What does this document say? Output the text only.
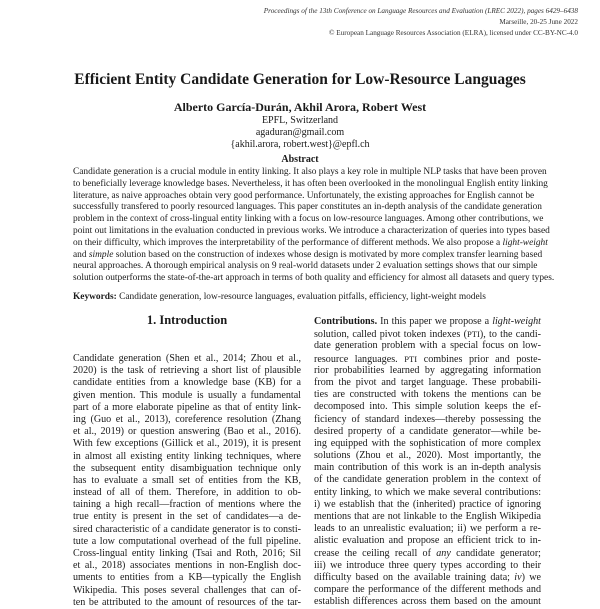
Proceedings of the 13th Conference on Language Resources and Evaluation (LREC 2022), pages 6429–6438
Marseille, 20-25 June 2022
© European Language Resources Association (ELRA), licensed under CC-BY-NC-4.0
Efficient Entity Candidate Generation for Low-Resource Languages
Alberto García-Durán, Akhil Arora, Robert West
EPFL, Switzerland
agaduran@gmail.com
{akhil.arora, robert.west}@epfl.ch
Abstract
Candidate generation is a crucial module in entity linking. It also plays a key role in multiple NLP tasks that have been proven
to beneficially leverage knowledge bases. Nevertheless, it has often been overlooked in the monolingual English entity linking
literature, as naive approaches obtain very good performance. Unfortunately, the existing approaches for English cannot be
successfully transfered to poorly resourced languages. This paper constitutes an in-depth analysis of the candidate generation
problem in the context of cross-lingual entity linking with a focus on low-resource languages. Among other contributions, we
point out limitations in the evaluation conducted in previous works. We introduce a characterization of queries into types based
on their difficulty, which improves the interpretability of the performance of different methods. We also propose a light-weight
and simple solution based on the construction of indexes whose design is motivated by more complex transfer learning based
neural approaches. A thorough empirical analysis on 9 real-world datasets under 2 evaluation settings shows that our simple
solution outperforms the state-of-the-art approach in terms of both quality and efficiency for almost all datasets and query types.
Keywords: Candidate generation, low-resource languages, evaluation pitfalls, efficiency, light-weight models
1. Introduction
Candidate generation (Shen et al., 2014; Zhou et al.,
2020) is the task of retrieving a short list of plausible
candidate entities from a knowledge base (KB) for a
given mention. This module is usually a fundamental
part of a more elaborate pipeline as that of entity link-
ing (Guo et al., 2013), coreference resolution (Zhang
et al., 2019) or question answering (Bao et al., 2016).
With few exceptions (Gillick et al., 2019), it is present
in almost all existing entity linking techniques, where
the subsequent entity disambiguation technique only
has to evaluate a small set of entities from the KB,
instead of all of them. Therefore, in addition to ob-
taining a high recall—fraction of mentions where the
true entity is present in the set of candidates—a de-
sired characteristic of a candidate generator is to consti-
tute a low computational overhead of the full pipeline.
Cross-lingual entity linking (Tsai and Roth, 2016; Sil
et al., 2018) associates mentions in non-English doc-
uments to entities from a KB—typically the English
Wikipedia. This poses several challenges that can of-
ten be attributed to the amount of resources of the tar-
Contributions. In this paper we propose a light-weight
solution, called pivot token indexes (PTI), to the candi-
date generation problem with a special focus on low-
resource languages. PTI combines prior and poste-
rior probabilities learned by aggregating information
from the pivot and target language. These probabili-
ties are constructed with tokens the mentions can be
decomposed into. This simple solution keeps the ef-
ficiency of standard indexes—thereby possessing the
desired property of a candidate generator—while be-
ing equipped with the sophistication of more complex
solutions (Zhou et al., 2020). Most importantly, the
main contribution of this work is an in-depth analysis
of the candidate generation problem in the context of
entity linking, to which we make several contributions:
i) we establish that the (inherited) practice of ignoring
mentions that are not linkable to the English Wikipedia
leads to an unrealistic evaluation; ii) we perform a re-
alistic evaluation and propose an efficient trick to in-
crease the ceiling recall of any candidate generator;
iii) we introduce three query types according to their
difficulty based on the available training data; iv) we
compare the performance of the different methods and
establish differences across them based on the amount
